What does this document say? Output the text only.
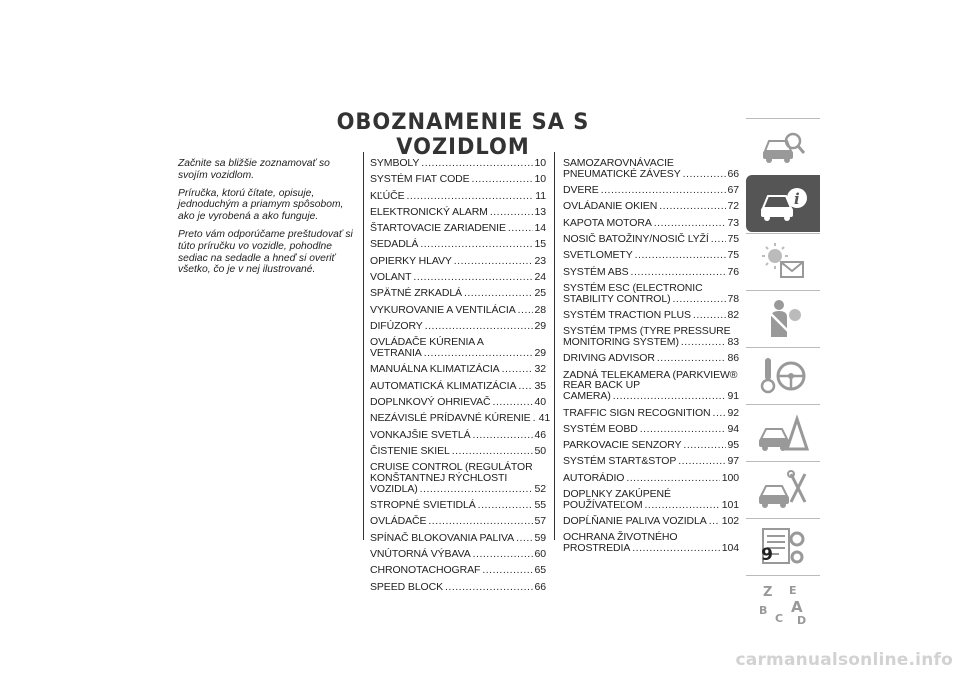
OBOZNAMENIE SA S VOZIDLOM

Začnite sa bližšie zoznamovať so svojím vozidlom.

Príručka, ktorú čítate, opisuje, jednoduchým a priamym spôsobom, ako je vyrobená a ako funguje.

Preto vám odporúčame preštudovať si túto príručku vo vozidle, pohodlne sediac na sedadle a hneď si overiť všetko, čo je v nej ilustrované.

SYMBOLY .....	10
SYSTÉM FIAT CODE .....	10
KĽÚČE .....	11
ELEKTRONICKÝ ALARM .....	13
ŠTARTOVACIE ZARIADENIE .....	14
SEDADLÁ .....	15
OPIERKY HLAVY .....	23
VOLANT .....	24
SPÄTNÉ ZRKADLÁ .....	25
VYKUROVANIE A VENTILÁCIA ..... 28
DIFÚZORY .....	29
OVLÁDAČE KÚRENIA A
VETRANIA .....	29
MANUÁLNA KLIMATIZÁCIA .....	32
AUTOMATICKÁ KLIMATIZÁCIA ..... 35
DOPLNKOVÝ OHRIEVAČ .....	40
NEZÁVISLÉ PRÍDAVNÉ KÚRENIE ..... 41
VONKAJŠIE SVETLÁ .....	46
ČISTENIE SKIEL .....	50
CRUISE CONTROL (REGULÁTOR KONŠTANTNEJ RÝCHLOSTI
VOZIDLA) .....	52
STROPNÉ SVIETIDLÁ .....	55
OVLÁDAČE .....	57
SPÍNAČ BLOKOVANIA PALIVA ..... 59
VNÚTORNÁ VÝBAVA .....	60
CHRONOTACHOGRAF .....	65
SPEED BLOCK .....	66
SAMOZAROVNÁVACIE
PNEUMATICKÉ ZÁVESY .....	66
DVERE .....	67
OVLÁDANIE OKIEN .....	72
KAPOTA MOTORA .....	73
NOSIČ BATOŽINY/NOSIČ LYŽÍ ..... 75
SVETLOMETY .....	75
SYSTÉM ABS .....	76
SYSTÉM ESC (ELECTRONIC
STABILITY CONTROL) .....	78
SYSTÉM TRACTION PLUS .....	82
SYSTÉM TPMS (TYRE PRESSURE
MONITORING SYSTEM) .....	83
DRIVING ADVISOR .....	86
ZADNÁ TELEKAMERA (PARKVIEW® REAR BACK UP
CAMERA) .....	91
TRAFFIC SIGN RECOGNITION ..... 92
SYSTÉM EOBD .....	94
PARKOVACIE SENZORY .....	95
SYSTÉM START&STOP .....	97
AUTORÁDIO .....	100
DOPLNKY ZAKÚPENÉ
POUŽÍVATEĽOM .....	101
DOPĹŇANIE PALIVA VOZIDLA ..... 102
OCHRANA ŽIVOTNÉHO
PROSTREDIA .....	104
i
Z E
B A
C D
9
carmanualsonline.info
